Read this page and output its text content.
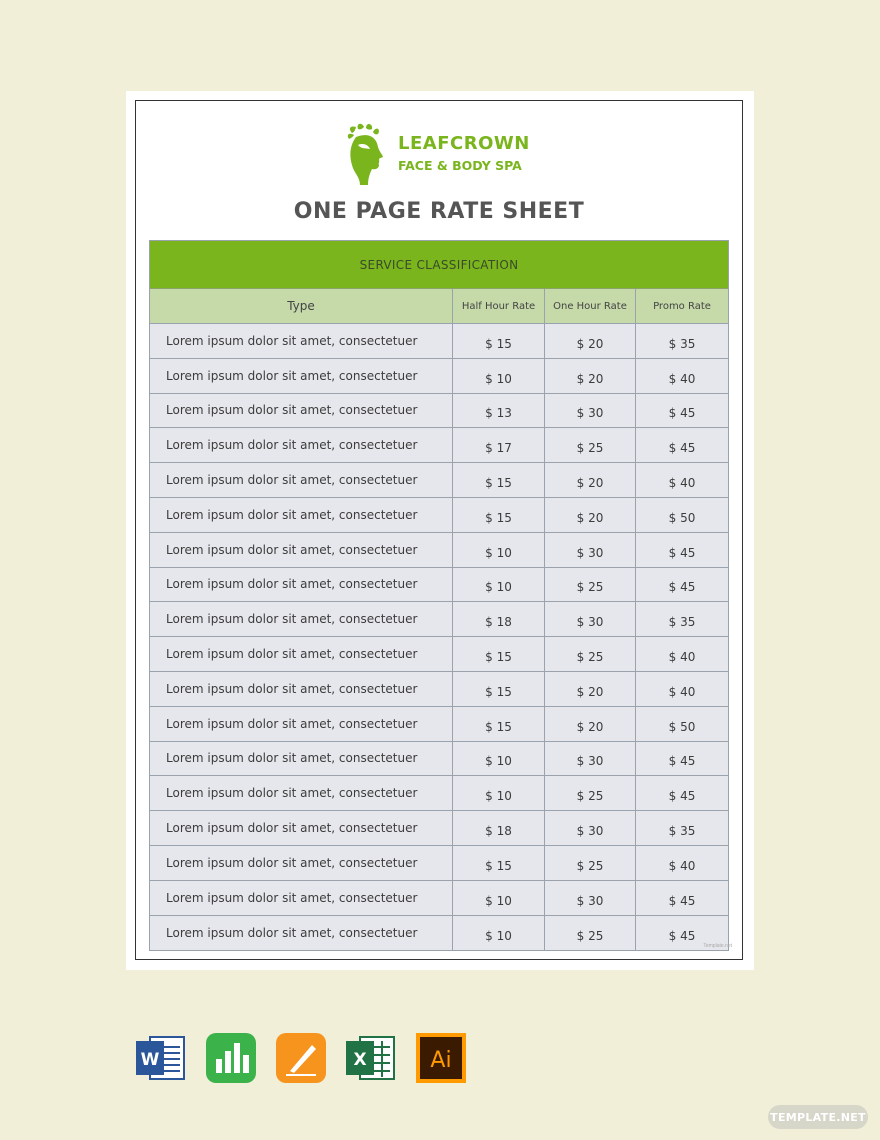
LEAFCROWN
FACE & BODY SPA
ONE PAGE RATE SHEET
SERVICE CLASSIFICATION
Type	Half Hour Rate	One Hour Rate	Promo Rate
Lorem ipsum dolor sit amet, consectetuer	$ 15	$ 20	$ 35
Lorem ipsum dolor sit amet, consectetuer	$ 10	$ 20	$ 40
Lorem ipsum dolor sit amet, consectetuer	$ 13	$ 30	$ 45
Lorem ipsum dolor sit amet, consectetuer	$ 17	$ 25	$ 45
Lorem ipsum dolor sit amet, consectetuer	$ 15	$ 20	$ 40
Lorem ipsum dolor sit amet, consectetuer	$ 15	$ 20	$ 50
Lorem ipsum dolor sit amet, consectetuer	$ 10	$ 30	$ 45
Lorem ipsum dolor sit amet, consectetuer	$ 10	$ 25	$ 45
Lorem ipsum dolor sit amet, consectetuer	$ 18	$ 30	$ 35
Lorem ipsum dolor sit amet, consectetuer	$ 15	$ 25	$ 40
Lorem ipsum dolor sit amet, consectetuer	$ 15	$ 20	$ 40
Lorem ipsum dolor sit amet, consectetuer	$ 15	$ 20	$ 50
Lorem ipsum dolor sit amet, consectetuer	$ 10	$ 30	$ 45
Lorem ipsum dolor sit amet, consectetuer	$ 10	$ 25	$ 45
Lorem ipsum dolor sit amet, consectetuer	$ 18	$ 30	$ 35
Lorem ipsum dolor sit amet, consectetuer	$ 15	$ 25	$ 40
Lorem ipsum dolor sit amet, consectetuer	$ 10	$ 30	$ 45
Lorem ipsum dolor sit amet, consectetuer	$ 10	$ 25	$ 45
Template.net
W	X	Ai
TEMPLATE.NET
